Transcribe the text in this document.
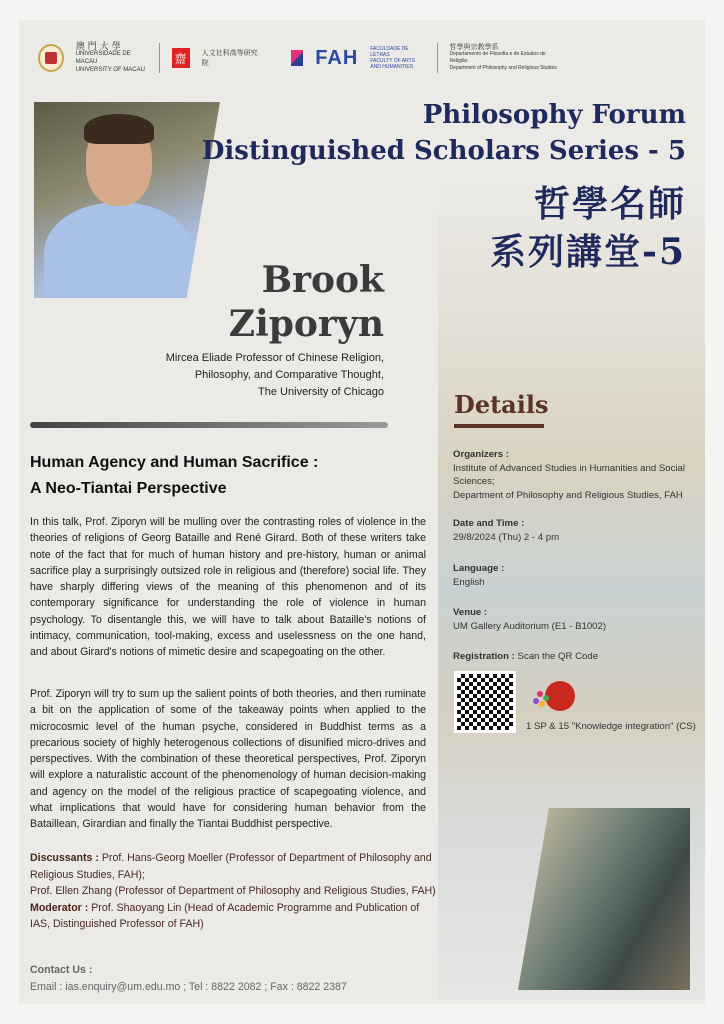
澳門大學
UNIVERSIDADE DE MACAU
UNIVERSITY OF MACAU
齋	人文社科高等研究院	FAH FACULDADE DE LETRAS
FACULTY OF ARTS AND HUMANITIES
哲學與宗教學系
Departamento de Filosofia e de Estudos de Religião
Department of Philosophy and Religious Studies
Philosophy Forum
Distinguished Scholars Series - 5
哲學名師
系列講堂-5
Brook
Ziporyn
Mircea Eliade Professor of Chinese Religion,
Philosophy, and Comparative Thought,
The University of Chicago
Human Agency and Human Sacrifice :
A Neo-Tiantai Perspective

In this talk, Prof. Ziporyn will be mulling over the contrasting roles of violence in the theories of religions of Georg Bataille and René Girard. Both of these writers take note of the fact that for much of human history and pre-history, human or animal sacrifice play a surprisingly outsized role in religious and (therefore) social life. They have sharply differing views of the meaning of this phenomenon and of its contemporary significance for understanding the role of violence in human psychology. To disentangle this, we will have to talk about Bataille's notions of intimacy, communication, tool-making, excess and uselessness on the one hand, and about Girard's notions of mimetic desire and scapegoating on the other.

Prof. Ziporyn will try to sum up the salient points of both theories, and then ruminate a bit on the application of some of the takeaway points when applied to the microcosmic level of the human psyche, considered in Buddhist terms as a precarious society of highly heterogenous collections of disunified micro-drives and perspectives. With the combination of these theoretical perspectives, Prof. Ziporyn will explore a naturalistic account of the phenomenology of human decision-making and agency on the model of the religious practice of scapegoating violence, and what implications that would have for considering human behavior from the Bataillean, Girardian and finally the Tiantai Buddhist perspective.

Discussants : Prof. Hans-Georg Moeller (Professor of Department of Philosophy and Religious Studies, FAH);
Prof. Ellen Zhang (Professor of Department of Philosophy and Religious Studies, FAH)
Moderator : Prof. Shaoyang Lin (Head of Academic Programme and Publication of IAS, Distinguished Professor of FAH)
Contact Us :
Email : ias.enquiry@um.edu.mo ; Tel : 8822 2082 ; Fax : 8822 2387
Details
Organizers :
Institute of Advanced Studies in Humanities and Social Sciences;
Department of Philosophy and Religious Studies, FAH
Date and Time :
29/8/2024 (Thu) 2 - 4 pm
Language :
English
Venue :
UM Gallery Auditorium (E1 - B1002)
Registration : Scan the QR Code
1 SP & 15 "Knowledge integration" (CS)
